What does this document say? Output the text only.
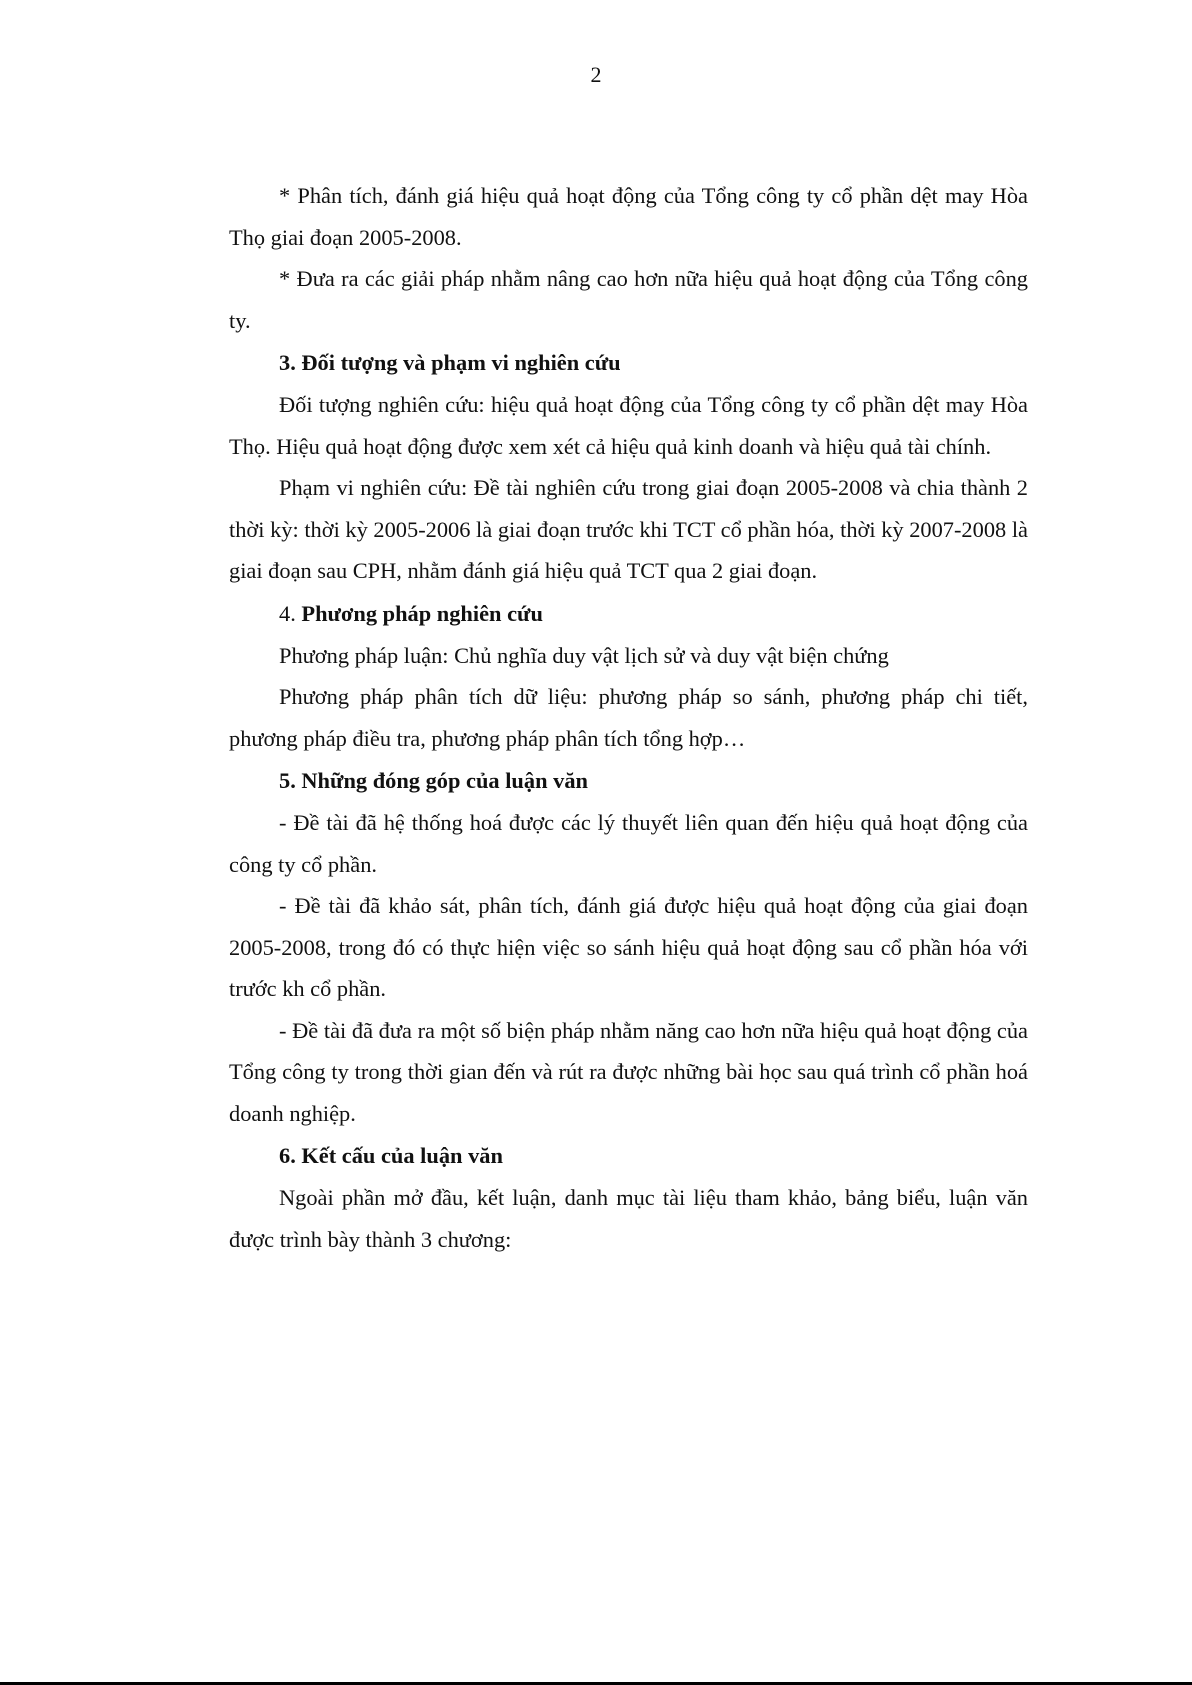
2

* Phân tích, đánh giá hiệu quả hoạt động của Tổng công ty cổ phần dệt may Hòa Thọ giai đoạn 2005-2008.

* Đưa ra các giải pháp nhằm nâng cao hơn nữa hiệu quả hoạt động của Tổng công ty.

3. Đối tượng và phạm vi nghiên cứu

Đối tượng nghiên cứu: hiệu quả hoạt động của Tổng công ty cổ phần dệt may Hòa Thọ. Hiệu quả hoạt động được xem xét cả hiệu quả kinh doanh và hiệu quả tài chính.

Phạm vi nghiên cứu: Đề tài nghiên cứu trong giai đoạn 2005-2008 và chia thành 2 thời kỳ: thời kỳ 2005-2006 là giai đoạn trước khi TCT cổ phần hóa, thời kỳ 2007-2008 là giai đoạn sau CPH, nhằm đánh giá hiệu quả TCT qua 2 giai đoạn.

4. Phương pháp nghiên cứu

Phương pháp luận: Chủ nghĩa duy vật lịch sử và duy vật biện chứng

Phương pháp phân tích dữ liệu: phương pháp so sánh, phương pháp chi tiết, phương pháp điều tra, phương pháp phân tích tổng hợp…

5. Những đóng góp của luận văn

- Đề tài đã hệ thống hoá được các lý thuyết liên quan đến hiệu quả hoạt động của công ty cổ phần.

- Đề tài đã khảo sát, phân tích, đánh giá được hiệu quả hoạt động của giai đoạn 2005-2008, trong đó có thực hiện việc so sánh hiệu quả hoạt động sau cổ phần hóa với trước kh cổ phần.

- Đề tài đã đưa ra một số biện pháp nhằm năng cao hơn nữa hiệu quả hoạt động của Tổng công ty trong thời gian đến và rút ra được những bài học sau quá trình cổ phần hoá doanh nghiệp.

6. Kết cấu của luận văn

Ngoài phần mở đầu, kết luận, danh mục tài liệu tham khảo, bảng biểu, luận văn được trình bày thành 3 chương:
